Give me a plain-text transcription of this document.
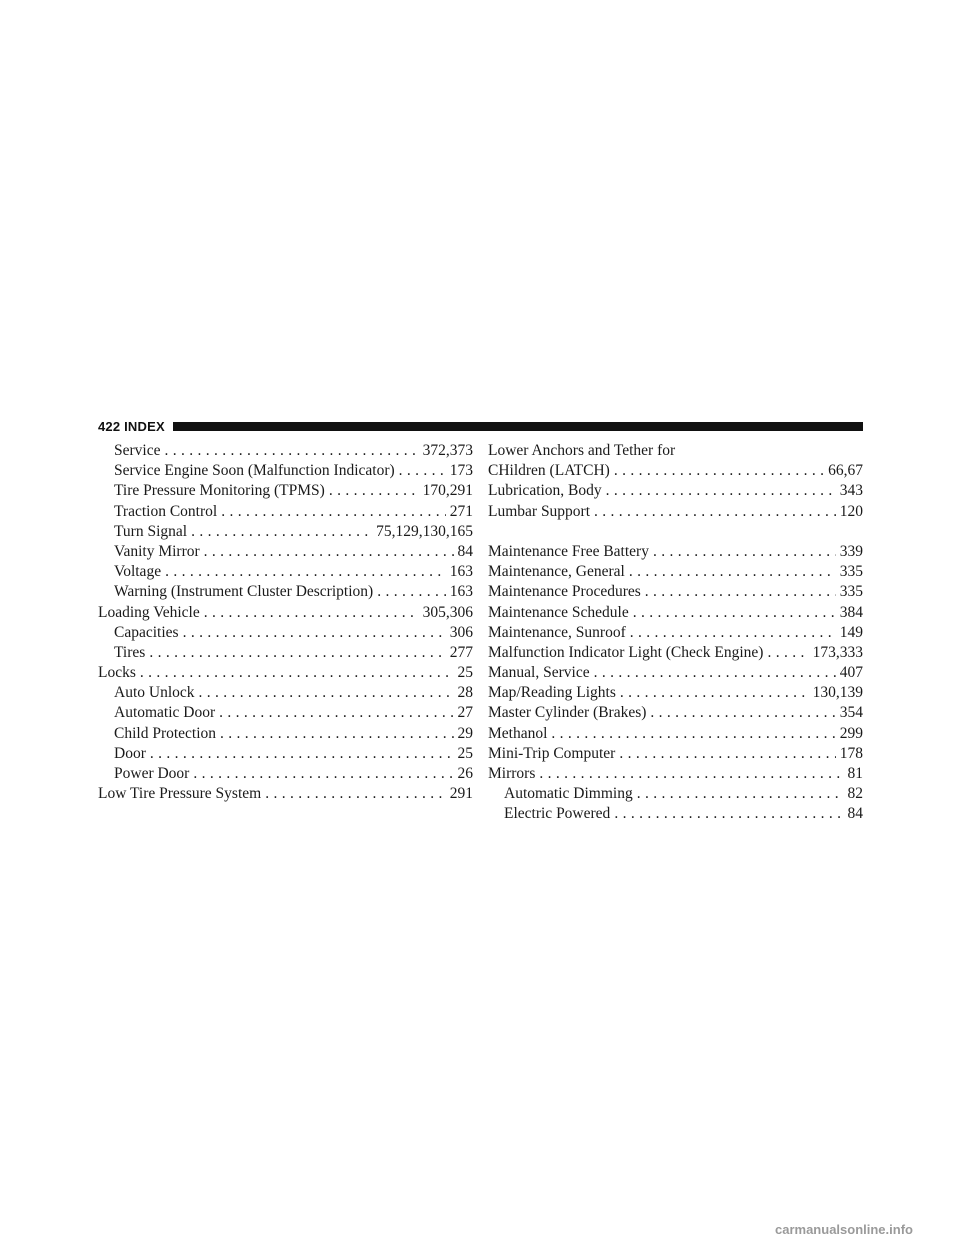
422 INDEX
Service . . .	372,373
Service Engine Soon (Malfunction Indicator) . . .	173
Tire Pressure Monitoring (TPMS) . . .	170,291
Traction Control . . .	271
Turn Signal . . .	75,129,130,165
Vanity Mirror . . .	84
Voltage . . .	163
Warning (Instrument Cluster Description) . . .	163
Loading Vehicle . . .	305,306
Capacities . . .	306
Tires . . .	277
Locks . . .	25
Auto Unlock . . .	28
Automatic Door . . .	27
Child Protection . . .	29
Door . . .	25
Power Door . . .	26
Low Tire Pressure System . . .	291
Lower Anchors and Tether for
CHildren (LATCH) . . .	66,67
Lubrication, Body . . .	343
Lumbar Support . . .	120
Maintenance Free Battery . . .	339
Maintenance, General . . .	335
Maintenance Procedures . . .	335
Maintenance Schedule . . .	384
Maintenance, Sunroof . . .	149
Malfunction Indicator Light (Check Engine) . . .	173,333
Manual, Service . . .	407
Map/Reading Lights . . .	130,139
Master Cylinder (Brakes) . . .	354
Methanol . . .	299
Mini-Trip Computer . . .	178
Mirrors . . .	81
Automatic Dimming . . .	82
Electric Powered . . .	84
carmanualsonline.info
